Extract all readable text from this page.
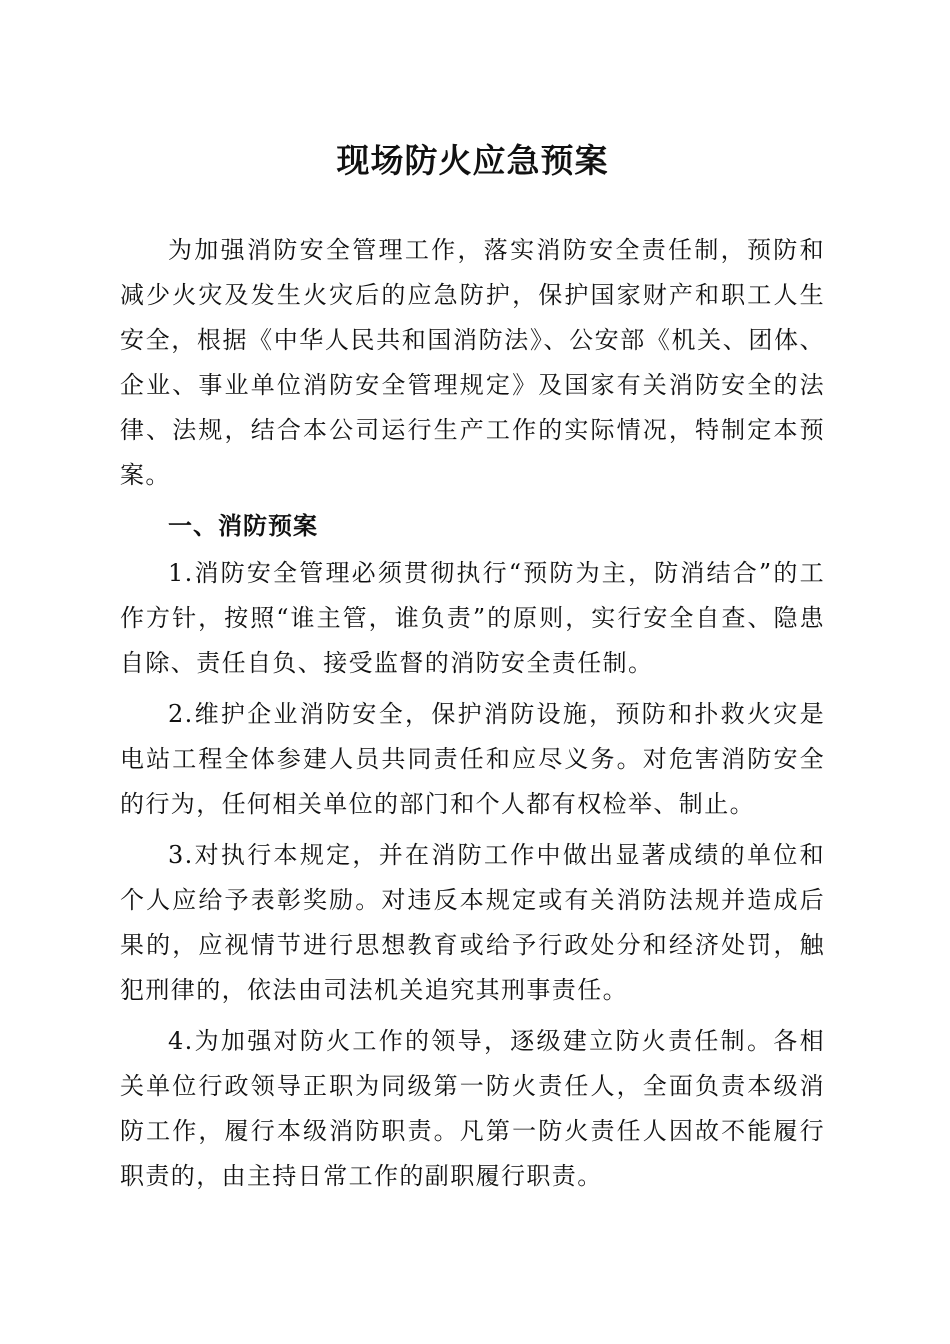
现场防火应急预案

为加强消防安全管理工作，落实消防安全责任制，预防和减少火灾及发生火灾后的应急防护，保护国家财产和职工人生安全，根据《中华人民共和国消防法》、公安部《机关、团体、企业、事业单位消防安全管理规定》及国家有关消防安全的法律、法规，结合本公司运行生产工作的实际情况，特制定本预案。

一、消防预案

1.消防安全管理必须贯彻执行“预防为主，防消结合”的工作方针，按照“谁主管，谁负责”的原则，实行安全自查、隐患自除、责任自负、接受监督的消防安全责任制。

2.维护企业消防安全，保护消防设施，预防和扑救火灾是电站工程全体参建人员共同责任和应尽义务。对危害消防安全的行为，任何相关单位的部门和个人都有权检举、制止。

3.对执行本规定，并在消防工作中做出显著成绩的单位和个人应给予表彰奖励。对违反本规定或有关消防法规并造成后果的，应视情节进行思想教育或给予行政处分和经济处罚，触犯刑律的，依法由司法机关追究其刑事责任。

4.为加强对防火工作的领导，逐级建立防火责任制。各相关单位行政领导正职为同级第一防火责任人，全面负责本级消防工作，履行本级消防职责。凡第一防火责任人因故不能履行职责的，由主持日常工作的副职履行职责。
